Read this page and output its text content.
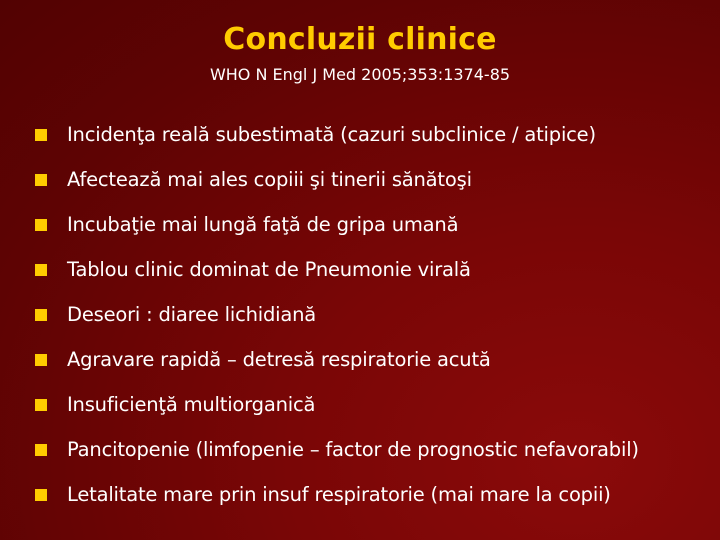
Concluzii clinice
WHO N Engl J Med 2005;353:1374-85
Incidenţa reală subestimată (cazuri subclinice / atipice)
Afectează mai ales copiii şi tinerii sănătoşi
Incubaţie mai lungă faţă de gripa umană
Tablou clinic dominat de Pneumonie virală
Deseori : diaree lichidiană
Agravare rapidă – detresă respiratorie acută
Insuficienţă multiorganică
Pancitopenie (limfopenie – factor de prognostic nefavorabil)
Letalitate mare prin insuf respiratorie (mai mare la copii)
